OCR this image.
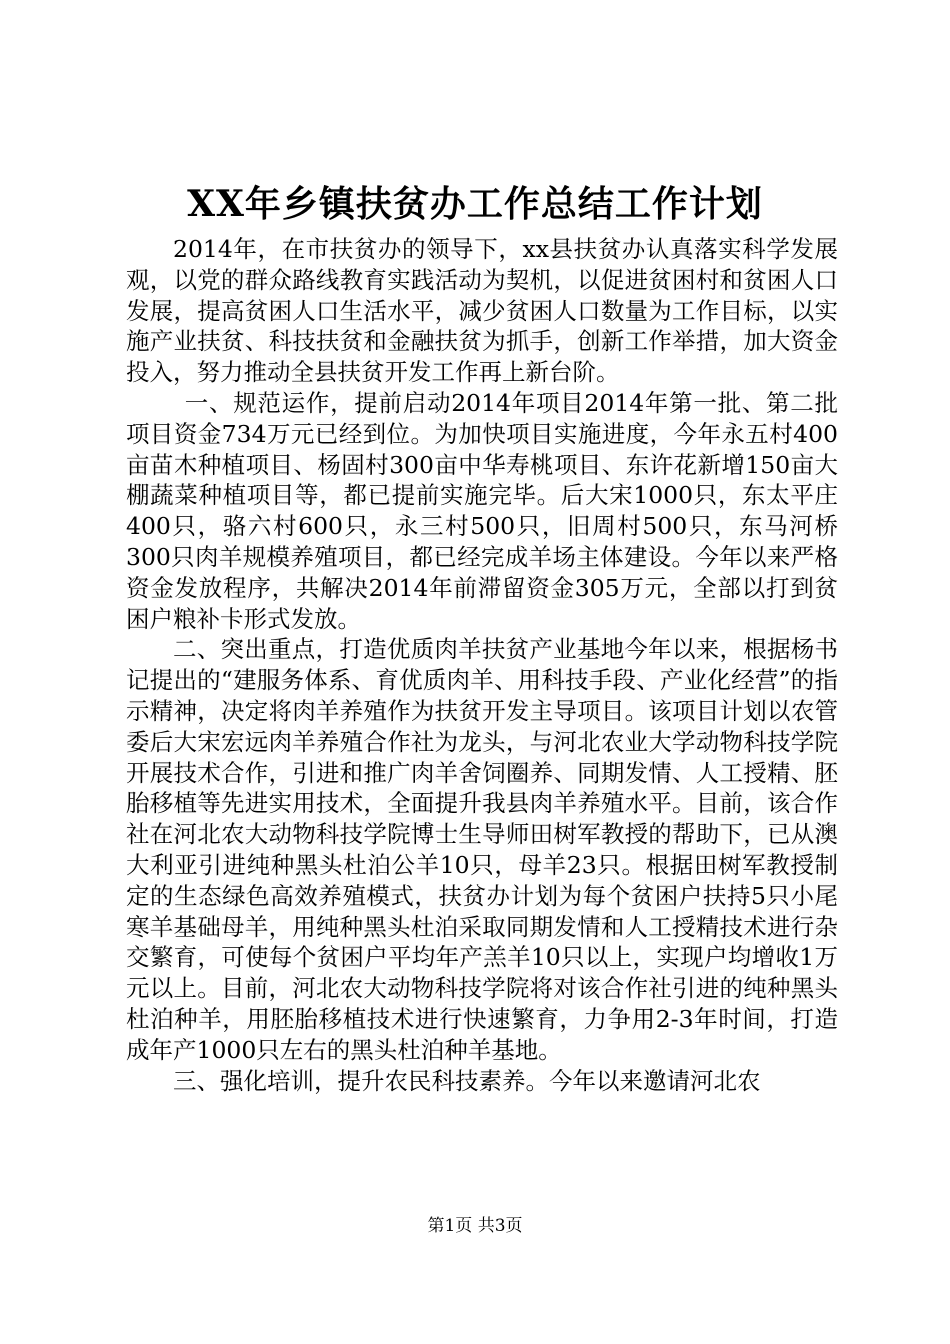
XX年乡镇扶贫办工作总结工作计划

2014年，在市扶贫办的领导下，xx县扶贫办认真落实科学发展观，以党的群众路线教育实践活动为契机，以促进贫困村和贫困人口发展，提高贫困人口生活水平，减少贫困人口数量为工作目标，以实施产业扶贫、科技扶贫和金融扶贫为抓手，创新工作举措，加大资金投入，努力推动全县扶贫开发工作再上新台阶。

一、规范运作，提前启动2014年项目2014年第一批、第二批项目资金734万元已经到位。为加快项目实施进度，今年永五村400亩苗木种植项目、杨固村300亩中华寿桃项目、东许花新增150亩大棚蔬菜种植项目等，都已提前实施完毕。后大宋1000只，东太平庄400只，骆六村600只，永三村500只，旧周村500只，东马河桥300只肉羊规模养殖项目，都已经完成羊场主体建设。今年以来严格资金发放程序，共解决2014年前滞留资金305万元，全部以打到贫困户粮补卡形式发放。

二、突出重点，打造优质肉羊扶贫产业基地今年以来，根据杨书记提出的“建服务体系、育优质肉羊、用科技手段、产业化经营”的指示精神，决定将肉羊养殖作为扶贫开发主导项目。该项目计划以农管委后大宋宏远肉羊养殖合作社为龙头，与河北农业大学动物科技学院开展技术合作，引进和推广肉羊舍饲圈养、同期发情、人工授精、胚胎移植等先进实用技术，全面提升我县肉羊养殖水平。目前，该合作社在河北农大动物科技学院博士生导师田树军教授的帮助下，已从澳大利亚引进纯种黑头杜泊公羊10只，母羊23只。根据田树军教授制定的生态绿色高效养殖模式，扶贫办计划为每个贫困户扶持5只小尾寒羊基础母羊，用纯种黑头杜泊采取同期发情和人工授精技术进行杂交繁育，可使每个贫困户平均年产羔羊10只以上，实现户均增收1万元以上。目前，河北农大动物科技学院将对该合作社引进的纯种黑头杜泊种羊，用胚胎移植技术进行快速繁育，力争用2-3年时间，打造成年产1000只左右的黑头杜泊种羊基地。

三、强化培训，提升农民科技素养。今年以来邀请河北农

第1页 共3页
